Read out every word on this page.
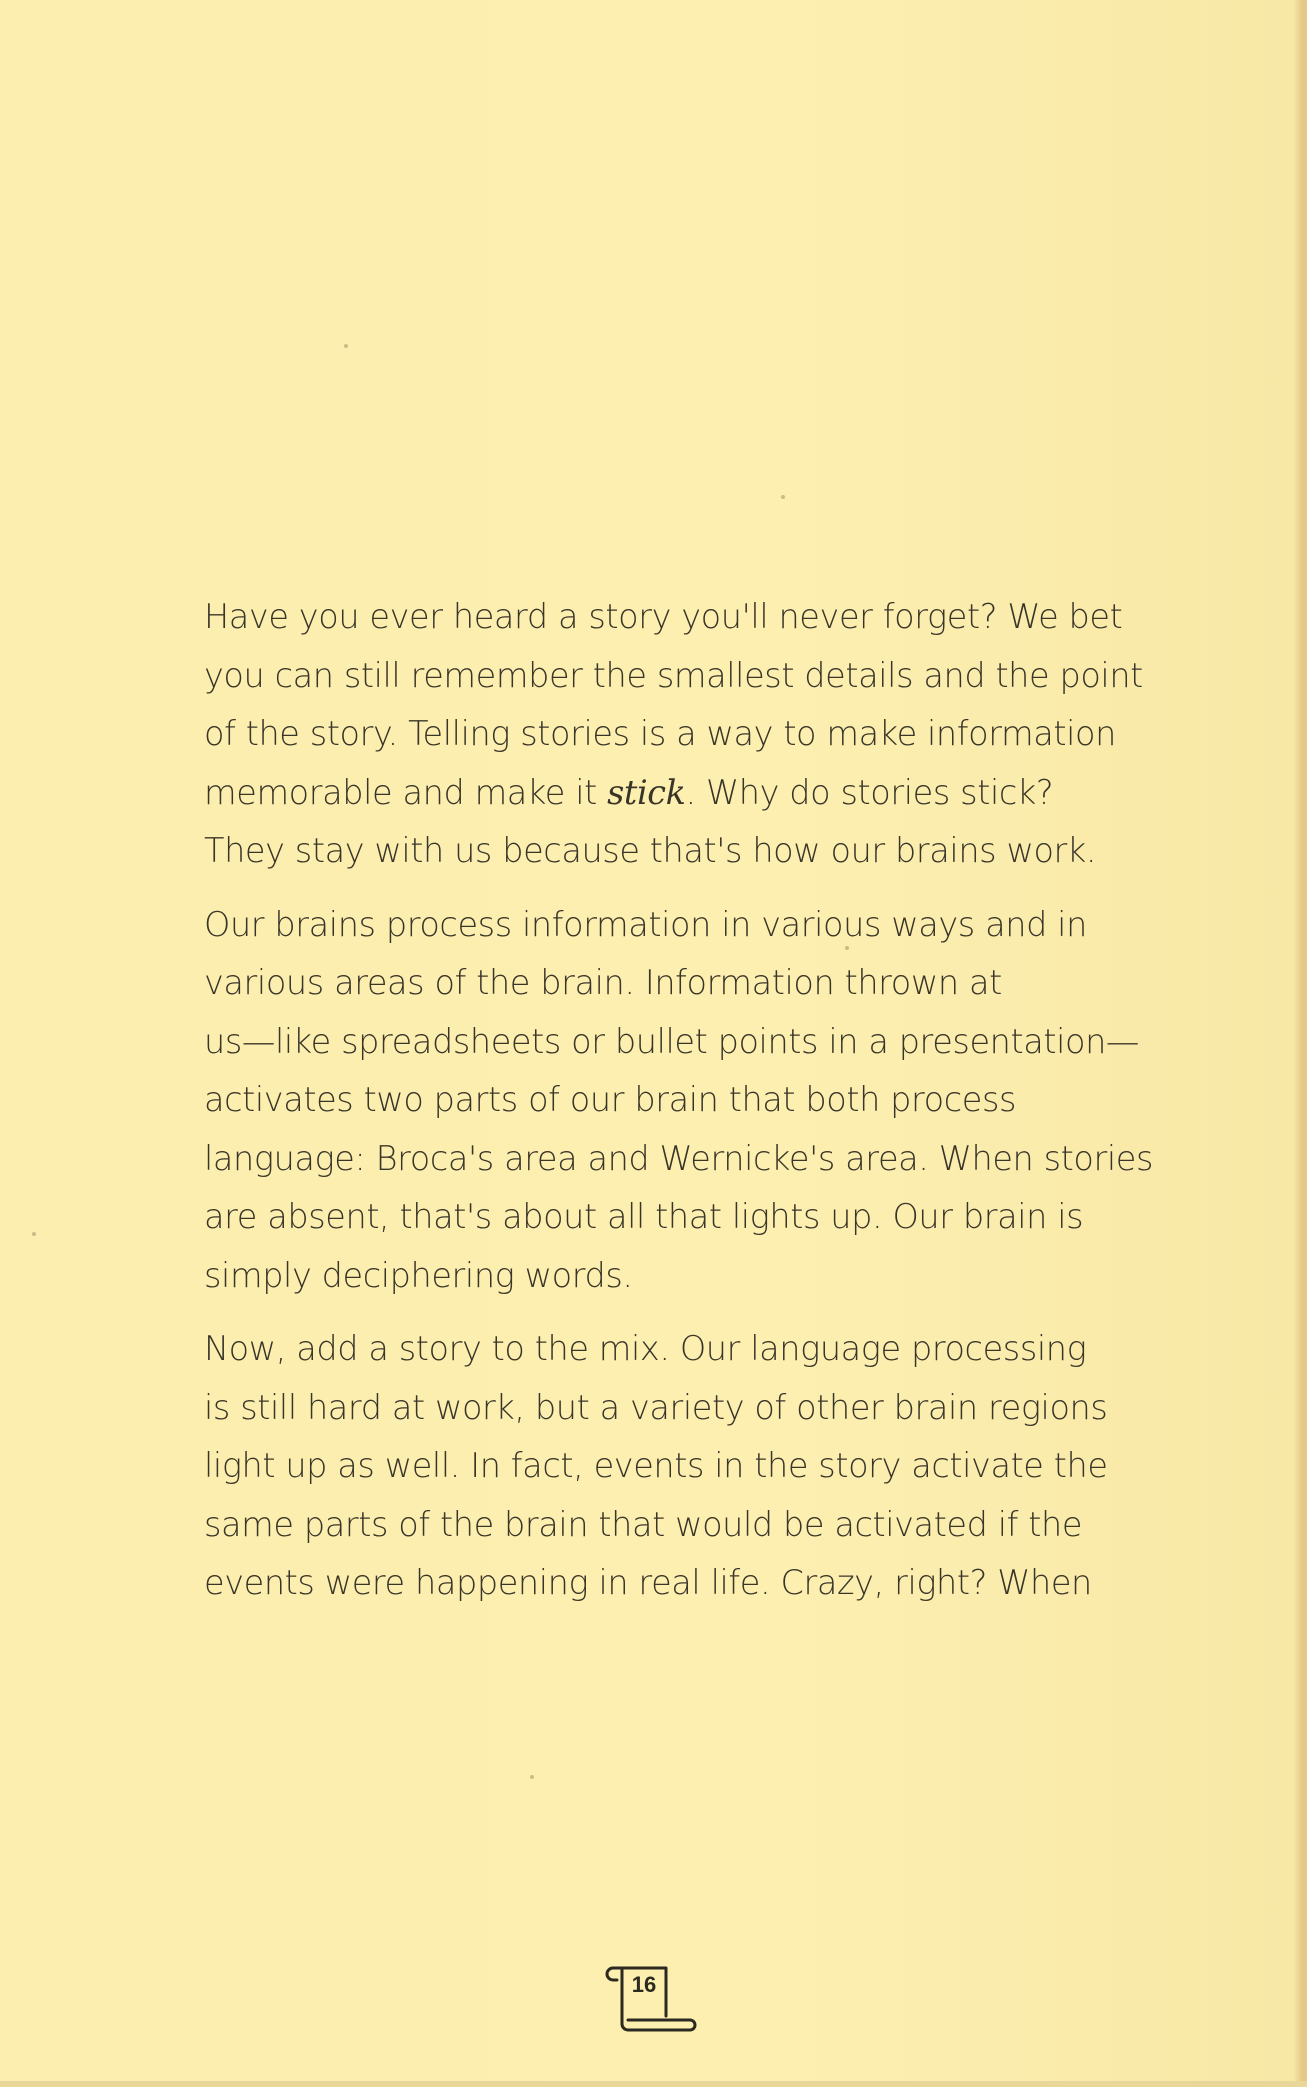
Have you ever heard a story you'll never forget? We bet
you can still remember the smallest details and the point
of the story. Telling stories is a way to make information
memorable and make it stick. Why do stories stick?
They stay with us because that's how our brains work.

Our brains process information in various ways and in
various areas of the brain. Information thrown at
us—like spreadsheets or bullet points in a presentation—
activates two parts of our brain that both process
language: Broca's area and Wernicke's area. When stories
are absent, that's about all that lights up. Our brain is
simply deciphering words.

Now, add a story to the mix. Our language processing
is still hard at work, but a variety of other brain regions
light up as well. In fact, events in the story activate the
same parts of the brain that would be activated if the
events were happening in real life. Crazy, right? When

16
